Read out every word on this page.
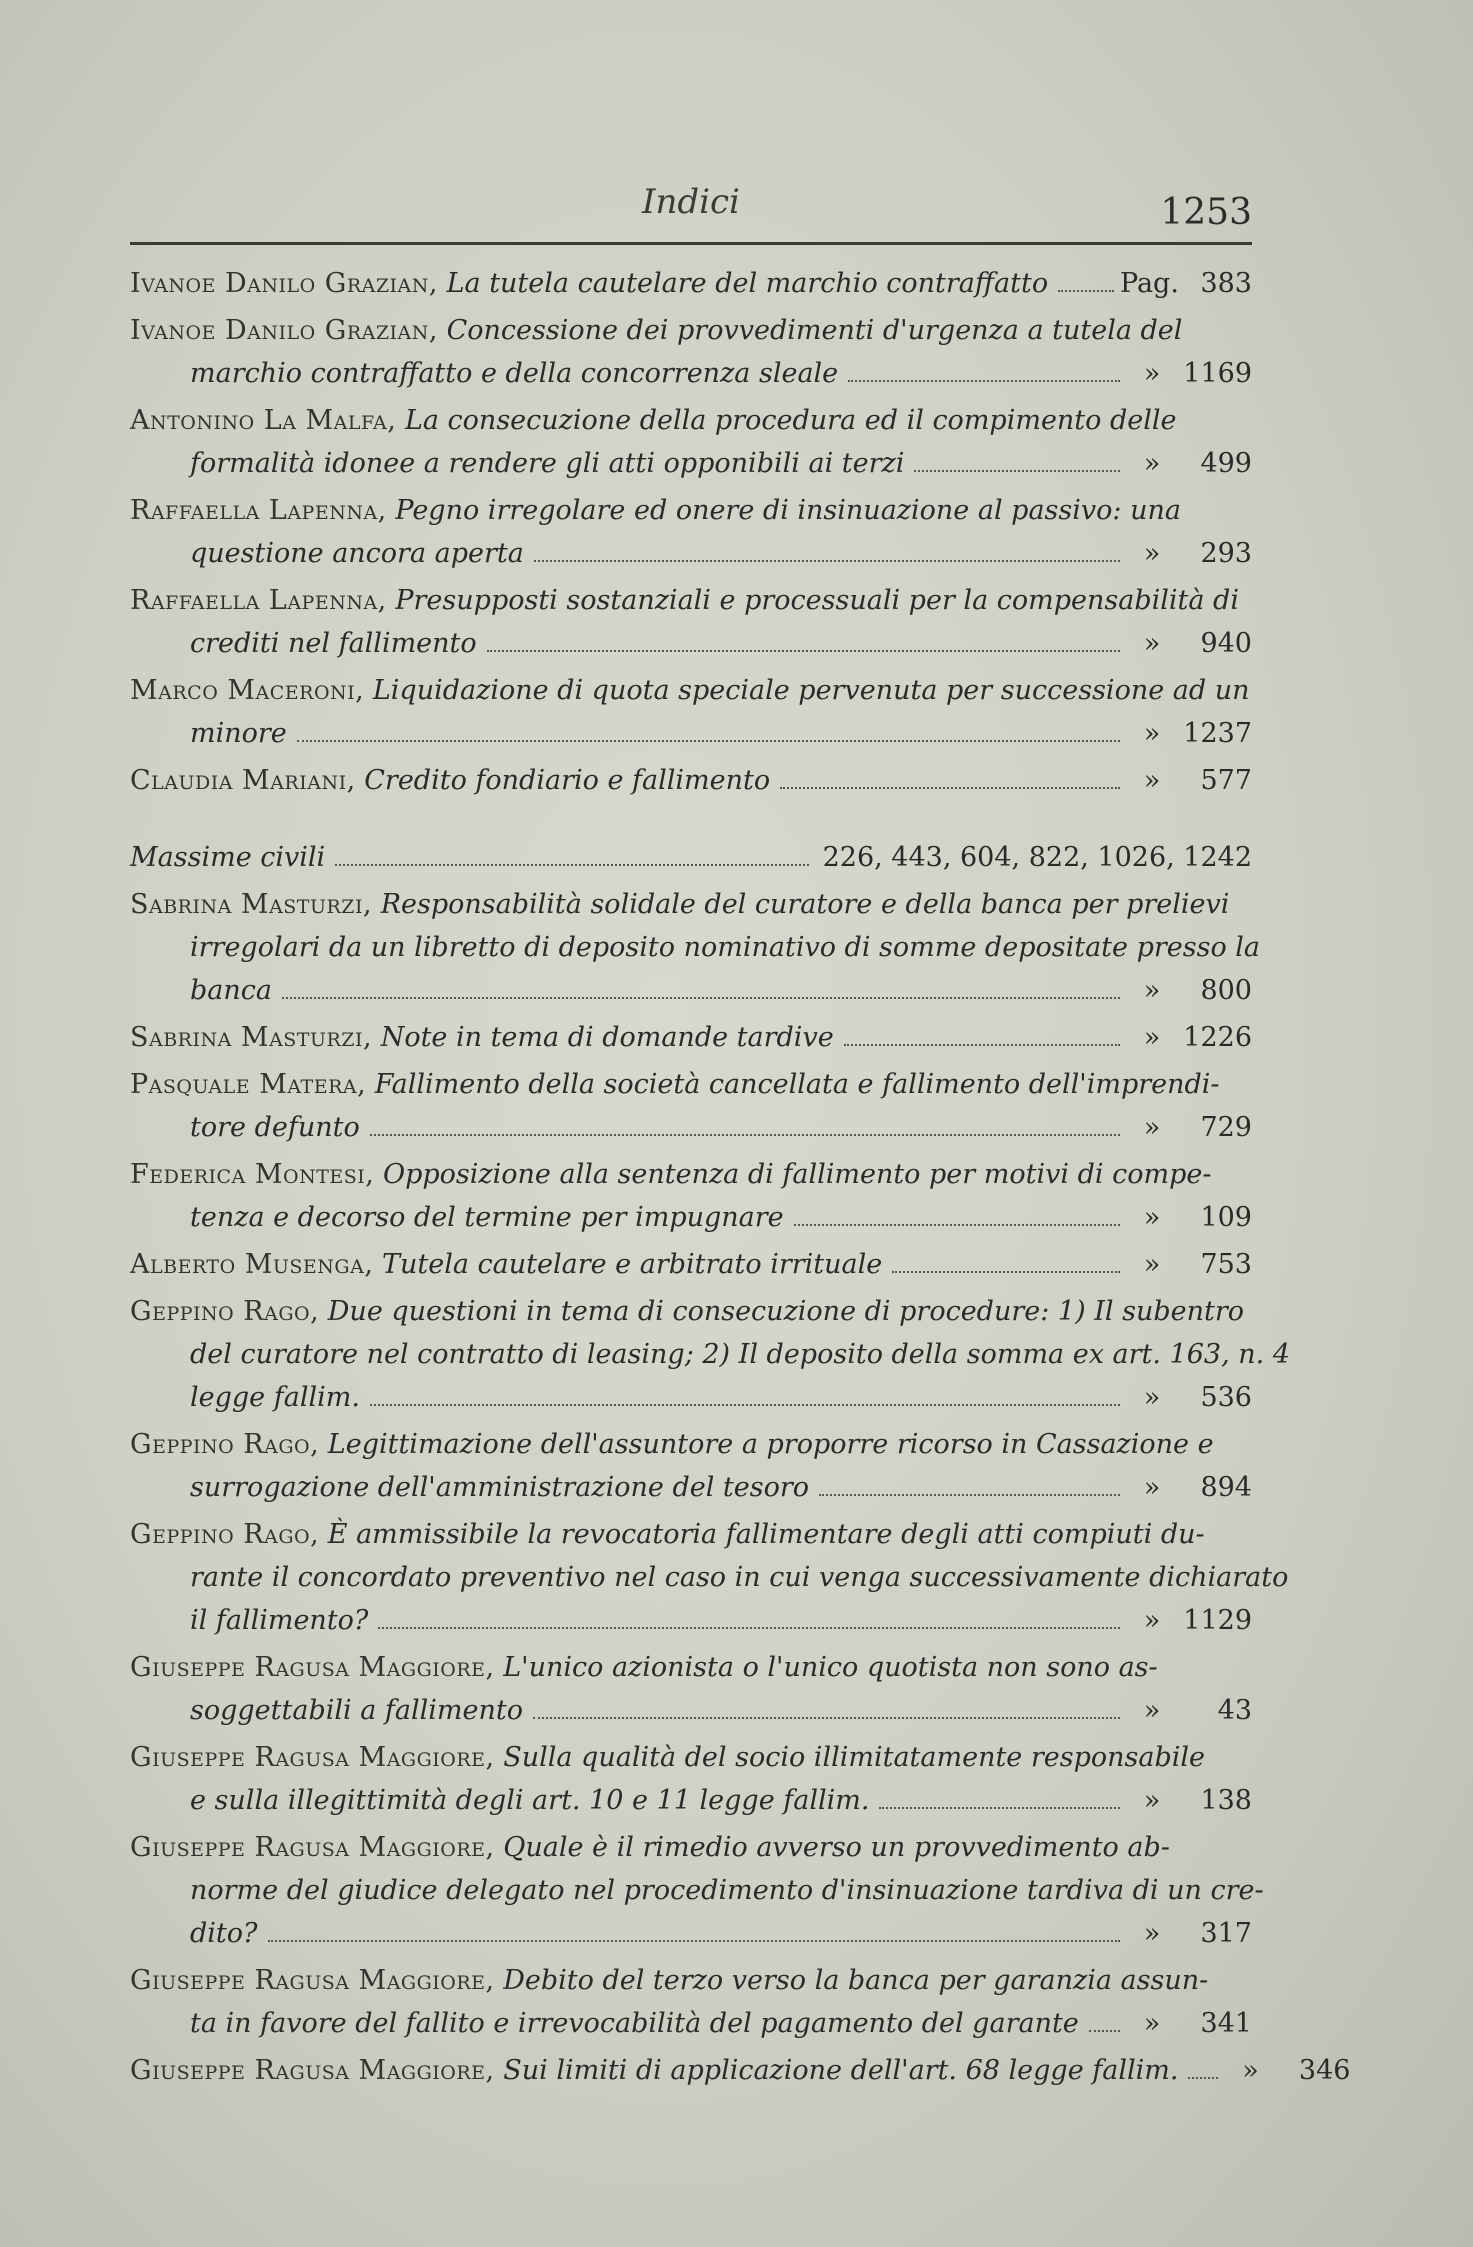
Indici	1253
Ivanoe Danilo Grazian,
La tutela cautelare del marchio contraffatto	Pag. 383
Ivanoe Danilo Grazian,
Concessione dei provvedimenti d'urgenza a tutela del
marchio contraffatto e della concorrenza sleale	» 1169
Antonino La Malfa,
La consecuzione della procedura ed il compimento delle
formalità idonee a rendere gli atti opponibili ai terzi	»	499
Raffaella Lapenna,
Pegno irregolare ed onere di insinuazione al passivo: una
questione ancora aperta	»	293
Raffaella Lapenna,
Presupposti sostanziali e processuali per la compensabilità di
crediti nel fallimento	»	940
Marco Maceroni,
Liquidazione di quota speciale pervenuta per successione ad un
minore	» 1237
Claudia Mariani,
Credito fondiario e fallimento	»	577
Massime civili	226, 443, 604, 822, 1026, 1242
Sabrina Masturzi,
Responsabilità solidale del curatore e della banca per prelievi
irregolari da un libretto di deposito nominativo di somme depositate presso la
banca	»	800
Sabrina Masturzi,
Note in tema di domande tardive	» 1226
Pasquale Matera,
Fallimento della società cancellata e fallimento dell'imprendi-
tore defunto	»	729
Federica Montesi,
Opposizione alla sentenza di fallimento per motivi di compe-
tenza e decorso del termine per impugnare	»	109
Alberto Musenga,
Tutela cautelare e arbitrato irrituale	»	753
Geppino Rago,
Due questioni in tema di consecuzione di procedure: 1) Il subentro
del curatore nel contratto di leasing; 2) Il deposito della somma ex art. 163, n. 4
legge fallim.	»	536
Geppino Rago,
Legittimazione dell'assuntore a proporre ricorso in Cassazione e
surrogazione dell'amministrazione del tesoro	»	894
Geppino Rago,
È ammissibile la revocatoria fallimentare degli atti compiuti du-
rante il concordato preventivo nel caso in cui venga successivamente dichiarato
il fallimento?	» 1129
Giuseppe Ragusa Maggiore,
L'unico azionista o l'unico quotista non sono as-
soggettabili a fallimento	»	43
Giuseppe Ragusa Maggiore,
Sulla qualità del socio illimitatamente responsabile
e sulla illegittimità degli art. 10 e 11 legge fallim.	»	138
Giuseppe Ragusa Maggiore,
Quale è il rimedio avverso un provvedimento ab-
norme del giudice delegato nel procedimento d'insinuazione tardiva di un cre-
dito?	»	317
Giuseppe Ragusa Maggiore,
Debito del terzo verso la banca per garanzia assun-
ta in favore del fallito e irrevocabilità del pagamento del garante	»	341
Giuseppe Ragusa Maggiore,
Sui limiti di applicazione dell'art. 68 legge fallim.	»	346
